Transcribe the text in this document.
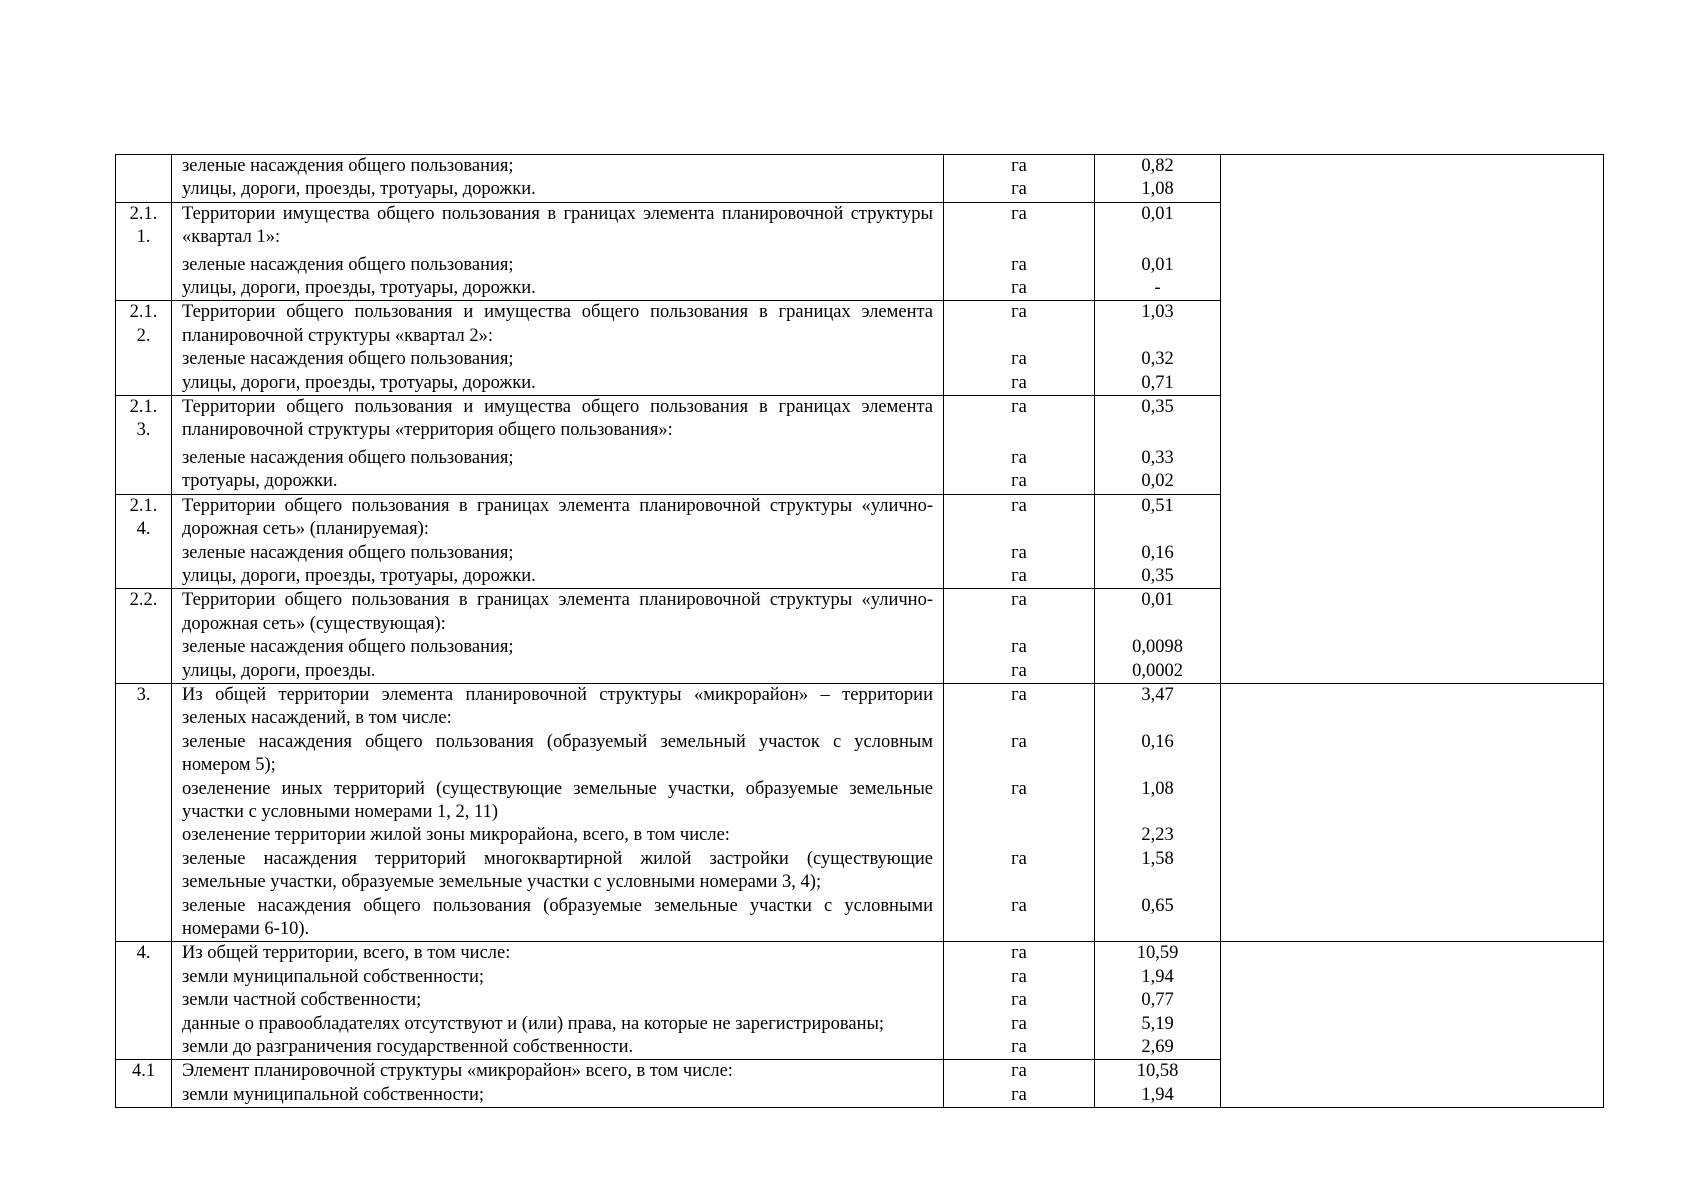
	зеленые насаждения общего пользования;	га	0,82	
	улицы, дороги, проезды, тротуары, дорожки.	га	1,08	
2.1.
1.	Территории имущества общего пользования в границах элемента планировочной структуры «квартал 1»:	га	0,01	
	зеленые насаждения общего пользования;	га	0,01	
	улицы, дороги, проезды, тротуары, дорожки.	га	-	
2.1.
2.	Территории общего пользования и имущества общего пользования в границах элемента планировочной структуры «квартал 2»:	га	1,03	
	зеленые насаждения общего пользования;	га	0,32	
	улицы, дороги, проезды, тротуары, дорожки.	га	0,71	
2.1.
3.	Территории общего пользования и имущества общего пользования в границах элемента планировочной структуры «территория общего пользования»:	га	0,35	
	зеленые насаждения общего пользования;	га	0,33	
	тротуары, дорожки.	га	0,02	
2.1.
4.	Территории общего пользования в границах элемента планировочной структуры «улично-дорожная сеть» (планируемая):	га	0,51	
	зеленые насаждения общего пользования;	га	0,16	
	улицы, дороги, проезды, тротуары, дорожки.	га	0,35	
2.2.	Территории общего пользования в границах элемента планировочной структуры «улично-дорожная сеть» (существующая):	га	0,01	
	зеленые насаждения общего пользования;	га	0,0098	
	улицы, дороги, проезды.	га	0,0002	
3.	Из общей территории элемента планировочной структуры «микрорайон» – территории зеленых насаждений, в том числе:	га	3,47	
	зеленые насаждения общего пользования (образуемый земельный участок с условным номером 5);	га	0,16	
	озеленение иных территорий (существующие земельные участки, образуемые земельные участки с условными номерами 1, 2, 11)	га	1,08	
	озеленение территории жилой зоны микрорайона, всего, в том числе:		2,23	
	зеленые насаждения территорий многоквартирной жилой застройки (существующие земельные участки, образуемые земельные участки с условными номерами 3, 4);	га	1,58	
	зеленые насаждения общего пользования (образуемые земельные участки с условными номерами 6-10).	га	0,65	
4.	Из общей территории, всего, в том числе:	га	10,59	
	земли муниципальной собственности;	га	1,94	
	земли частной собственности;	га	0,77	
	данные о правообладателях отсутствуют и (или) права, на которые не зарегистрированы;	га	5,19	
	земли до разграничения государственной собственности.	га	2,69	
4.1	Элемент планировочной структуры «микрорайон» всего, в том числе:	га	10,58	
	земли муниципальной собственности;	га	1,94	
